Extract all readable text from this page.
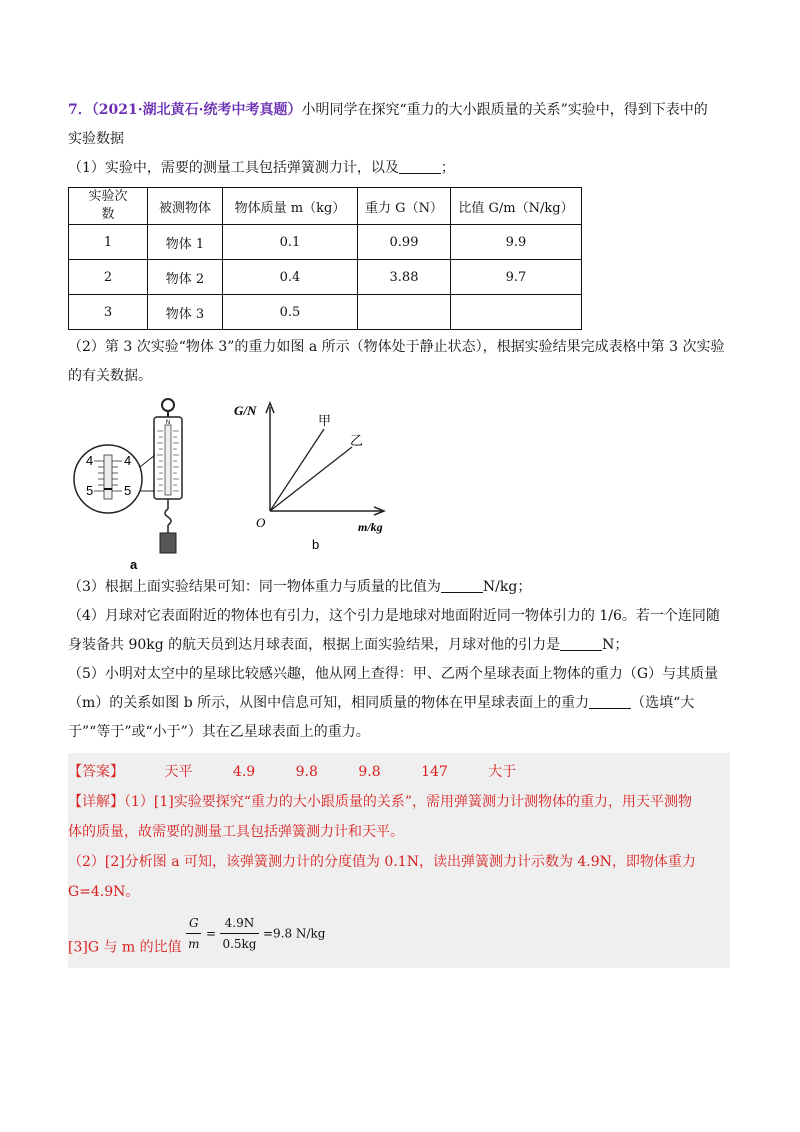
7．（2021·湖北黄石·统考中考真题）小明同学在探究“重力的大小跟质量的关系”实验中，得到下表中的

实验数据

（1）实验中，需要的测量工具包括弹簧测力计，以及	；

实验次
数	被测物体	物体质量 m（kg）	重力 G（N）	比值 G/m（N/kg）
1	物体 1	0.1	0.99	9.9
2	物体 2	0.4	3.88	9.7
3	物体 3	0.5		

（2）第 3 次实验“物体 3”的重力如图 a 所示（物体处于静止状态），根据实验结果完成表格中第 3 次实验

的有关数据。

N
4 4
5 5
a
G/N
m/kg
O
甲
乙
b

（3）根据上面实验结果可知：同一物体重力与质量的比值为	N/kg；

（4）月球对它表面附近的物体也有引力，这个引力是地球对地面附近同一物体引力的 1/6。若一个连同随

身装备共 90kg 的航天员到达月球表面，根据上面实验结果，月球对他的引力是	N；

（5）小明对太空中的星球比较感兴趣，他从网上查得：甲、乙两个星球表面上物体的重力（G）与其质量

（m）的关系如图 b 所示，从图中信息可知，相同质量的物体在甲星球表面上的重力	（选填“大

于”“等于”或“小于”）其在乙星球表面上的重力。

【答案】	天平	4.9	9.8	9.8	147	大于

【详解】（1）[1]实验要探究“重力的大小跟质量的关系”，需用弹簧测力计测物体的重力，用天平测物

体的质量，故需要的测量工具包括弹簧测力计和天平。

（2）[2]分析图 a 可知，该弹簧测力计的分度值为 0.1N，读出弹簧测力计示数为 4.9N，即物体重力

G=4.9N。

[3]G 与 m 的比值 $\frac{G}{m} = \frac{4.9N}{0.5kg} =9.8$ N/kg
